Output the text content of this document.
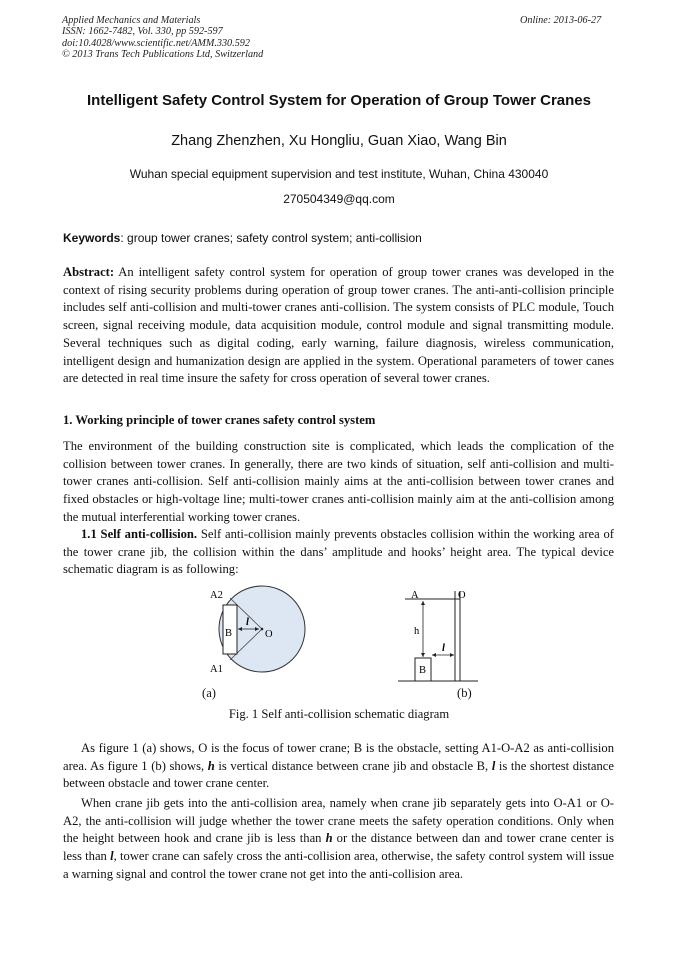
Applied Mechanics and Materials
ISSN: 1662-7482, Vol. 330, pp 592-597
doi:10.4028/www.scientific.net/AMM.330.592
© 2013 Trans Tech Publications Ltd, Switzerland
Online: 2013-06-27
Intelligent Safety Control System for Operation of Group Tower Cranes
Zhang Zhenzhen, Xu Hongliu, Guan Xiao, Wang Bin
Wuhan special equipment supervision and test institute, Wuhan, China 430040
270504349@qq.com
Keywords: group tower cranes; safety control system; anti-collision
Abstract: An intelligent safety control system for operation of group tower cranes was developed in the context of rising security problems during operation of group tower cranes. The anti-anti-collision principle includes self anti-collision and multi-tower cranes anti-collision. The system consists of PLC module, Touch screen, signal receiving module, data acquisition module, control module and signal transmitting module. Several techniques such as digital coding, early warning, failure diagnosis, wireless communication, intelligent design and humanization design are applied in the system. Operational parameters of tower canes are detected in real time insure the safety for cross operation of several tower cranes.
1. Working principle of tower cranes safety control system
The environment of the building construction site is complicated, which leads the complication of the collision between tower cranes. In generally, there are two kinds of situation, self anti-collision and multi-tower cranes anti-collision. Self anti-collision mainly aims at the anti-collision between tower cranes and fixed obstacles or high-voltage line; multi-tower cranes anti-collision mainly aim at the anti-collision among the mutual interferential working tower cranes.
1.1 Self anti-collision. Self anti-collision mainly prevents obstacles collision within the working area of the tower crane jib, the collision within the dans’ amplitude and hooks’ height area. The typical device schematic diagram is as following:
A2
A1
B
l
O
A	O
h
l
B
(a)	(b)
Fig. 1 Self anti-collision schematic diagram
As figure 1 (a) shows, O is the focus of tower crane; B is the obstacle, setting A1-O-A2 as anti-collision area. As figure 1 (b) shows, h is vertical distance between crane jib and obstacle B, l is the shortest distance between obstacle and tower crane center.
When crane jib gets into the anti-collision area, namely when crane jib separately gets into O-A1 or O-A2, the anti-collision will judge whether the tower crane meets the safety operation conditions. Only when the height between hook and crane jib is less than h or the distance between dan and tower crane center is less than l, tower crane can safely cross the anti-collision area, otherwise, the safety control system will issue a warning signal and control the tower crane not get into the anti-collision area.
